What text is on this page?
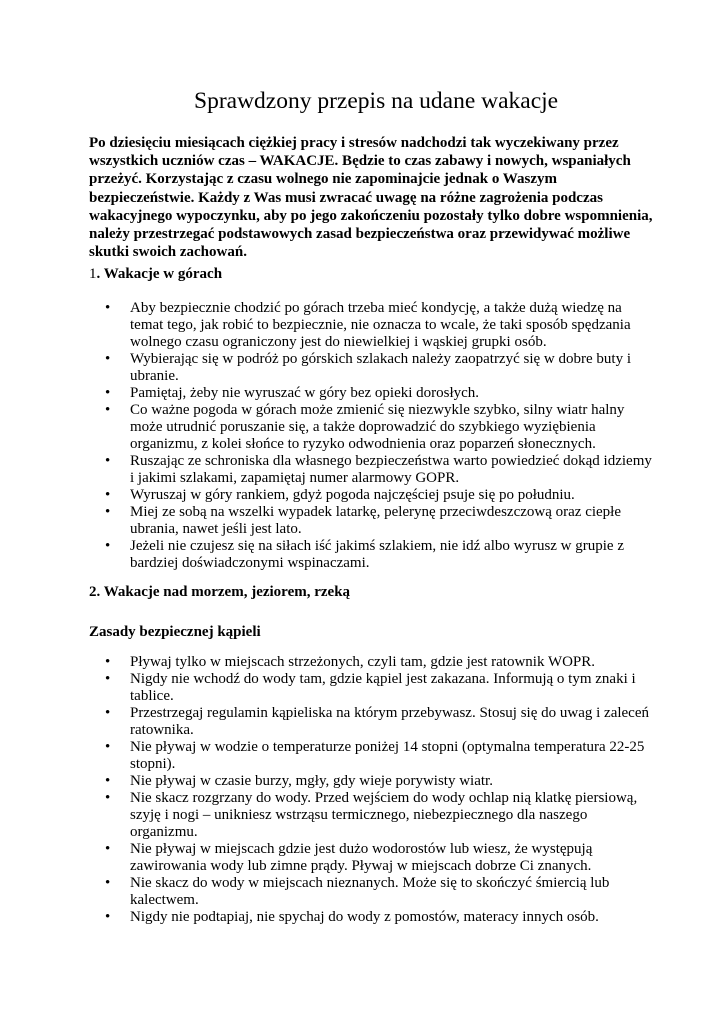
Sprawdzony przepis na udane wakacje
Po dziesięciu miesiącach ciężkiej pracy i stresów nadchodzi tak wyczekiwany przez
wszystkich uczniów czas – WAKACJE. Będzie to czas zabawy i nowych, wspaniałych
przeżyć. Korzystając z czasu wolnego nie zapominajcie jednak o Waszym
bezpieczeństwie. Każdy z Was musi zwracać uwagę na różne zagrożenia podczas
wakacyjnego wypoczynku, aby po jego zakończeniu pozostały tylko dobre wspomnienia,
należy przestrzegać podstawowych zasad bezpieczeństwa oraz przewidywać możliwe
skutki swoich zachowań.
1. Wakacje w górach
• Aby bezpiecznie chodzić po górach trzeba mieć kondycję, a także dużą wiedzę na
temat tego, jak robić to bezpiecznie, nie oznacza to wcale, że taki sposób spędzania
wolnego czasu ograniczony jest do niewielkiej i wąskiej grupki osób.
• Wybierając się w podróż po górskich szlakach należy zaopatrzyć się w dobre buty i
ubranie.
• Pamiętaj, żeby nie wyruszać w góry bez opieki dorosłych.
• Co ważne pogoda w górach może zmienić się niezwykle szybko, silny wiatr halny
może utrudnić poruszanie się, a także doprowadzić do szybkiego wyziębienia
organizmu, z kolei słońce to ryzyko odwodnienia oraz poparzeń słonecznych.
• Ruszając ze schroniska dla własnego bezpieczeństwa warto powiedzieć dokąd idziemy
i jakimi szlakami, zapamiętaj numer alarmowy GOPR.
• Wyruszaj w góry rankiem, gdyż pogoda najczęściej psuje się po południu.
• Miej ze sobą na wszelki wypadek latarkę, pelerynę przeciwdeszczową oraz ciepłe
ubrania, nawet jeśli jest lato.
• Jeżeli nie czujesz się na siłach iść jakimś szlakiem, nie idź albo wyrusz w grupie z
bardziej doświadczonymi wspinaczami.
2. Wakacje nad morzem, jeziorem, rzeką
Zasady bezpiecznej kąpieli
• Pływaj tylko w miejscach strzeżonych, czyli tam, gdzie jest ratownik WOPR.
• Nigdy nie wchodź do wody tam, gdzie kąpiel jest zakazana. Informują o tym znaki i
tablice.
• Przestrzegaj regulamin kąpieliska na którym przebywasz. Stosuj się do uwag i zaleceń
ratownika.
• Nie pływaj w wodzie o temperaturze poniżej 14 stopni (optymalna temperatura 22-25
stopni).
• Nie pływaj w czasie burzy, mgły, gdy wieje porywisty wiatr.
• Nie skacz rozgrzany do wody. Przed wejściem do wody ochlap nią klatkę piersiową,
szyję i nogi – unikniesz wstrząsu termicznego, niebezpiecznego dla naszego
organizmu.
• Nie pływaj w miejscach gdzie jest dużo wodorostów lub wiesz, że występują
zawirowania wody lub zimne prądy. Pływaj w miejscach dobrze Ci znanych.
• Nie skacz do wody w miejscach nieznanych. Może się to skończyć śmiercią lub
kalectwem.
• Nigdy nie podtapiaj, nie spychaj do wody z pomostów, materacy innych osób.
